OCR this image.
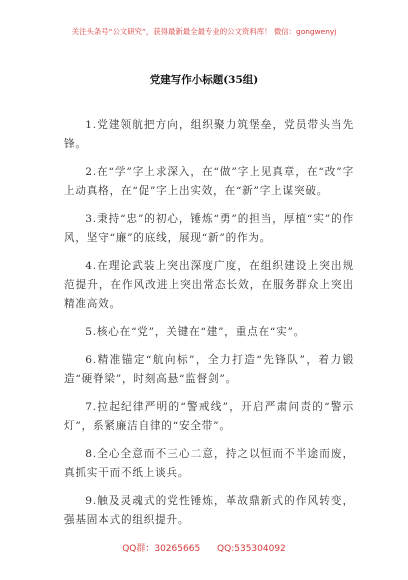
关注头条号“公文研究”，获得最新最全最专业的公文资料库！ 微信：gongwenyj
党建写作小标题(35组)

1.党建领航把方向，组织聚力筑堡垒，党员带头当先锋。

2.在“学”字上求深入，在“做”字上见真章，在“改”字上动真格，在“促”字上出实效，在“新”字上谋突破。

3.秉持“忠”的初心，锤炼“勇”的担当，厚植“实”的作风，坚守“廉”的底线，展现“新”的作为。

4.在理论武装上突出深度广度，在组织建设上突出规范提升，在作风改进上突出常态长效，在服务群众上突出精准高效。

5.核心在“党”，关键在“建”，重点在“实”。

6.精准锚定“航向标”，全力打造“先锋队”，着力锻造“硬脊梁”，时刻高悬“监督剑”。

7.拉起纪律严明的“警戒线”，开启严肃问责的“警示灯”，系紧廉洁自律的“安全带”。

8.全心全意而不三心二意，持之以恒而不半途而废，真抓实干而不纸上谈兵。

9.触及灵魂式的党性锤炼，革故鼎新式的作风转变，强基固本式的组织提升。

QQ群：30265665 QQ:535304092
